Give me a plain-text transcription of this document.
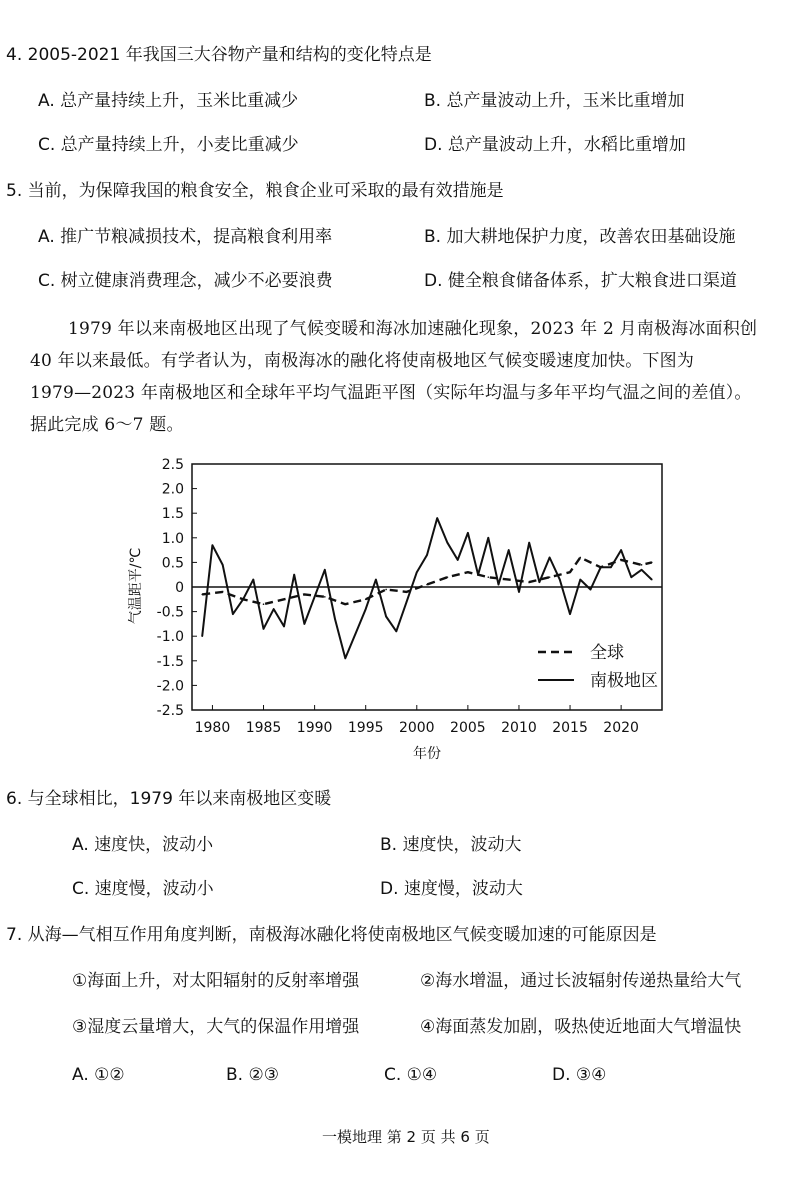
4. 2005-2021 年我国三大谷物产量和结构的变化特点是
A. 总产量持续上升，玉米比重减少	B. 总产量波动上升，玉米比重增加
C. 总产量持续上升，小麦比重减少	D. 总产量波动上升，水稻比重增加
5. 当前，为保障我国的粮食安全，粮食企业可采取的最有效措施是
A. 推广节粮减损技术，提高粮食利用率	B. 加大耕地保护力度，改善农田基础设施
C. 树立健康消费理念，减少不必要浪费	D. 健全粮食储备体系，扩大粮食进口渠道
1979 年以来南极地区出现了气候变暖和海冰加速融化现象，2023 年 2 月南极海冰面积创
40 年以来最低。有学者认为，南极海冰的融化将使南极地区气候变暖速度加快。下图为
1979—2023 年南极地区和全球年平均气温距平图（实际年均温与多年平均气温之间的差值）。
据此完成 6～7 题。
气温距平/℃
2.5
2.0
1.5
1.0
0.5
0
-0.5
-1.0
-1.5
-2.0
-2.5
1980 1985 1990 1995 2000 2005 2010 2015 2020
全球
南极地区
年份
6. 与全球相比，1979 年以来南极地区变暖
A. 速度快，波动小	B. 速度快，波动大
C. 速度慢，波动小	D. 速度慢，波动大
7. 从海—气相互作用角度判断，南极海冰融化将使南极地区气候变暖加速的可能原因是
①海面上升，对太阳辐射的反射率增强	②海水增温，通过长波辐射传递热量给大气
③湿度云量增大，大气的保温作用增强	④海面蒸发加剧，吸热使近地面大气增温快
A. ①②	B. ②③	C. ①④	D. ③④
一模地理 第 2 页 共 6 页
